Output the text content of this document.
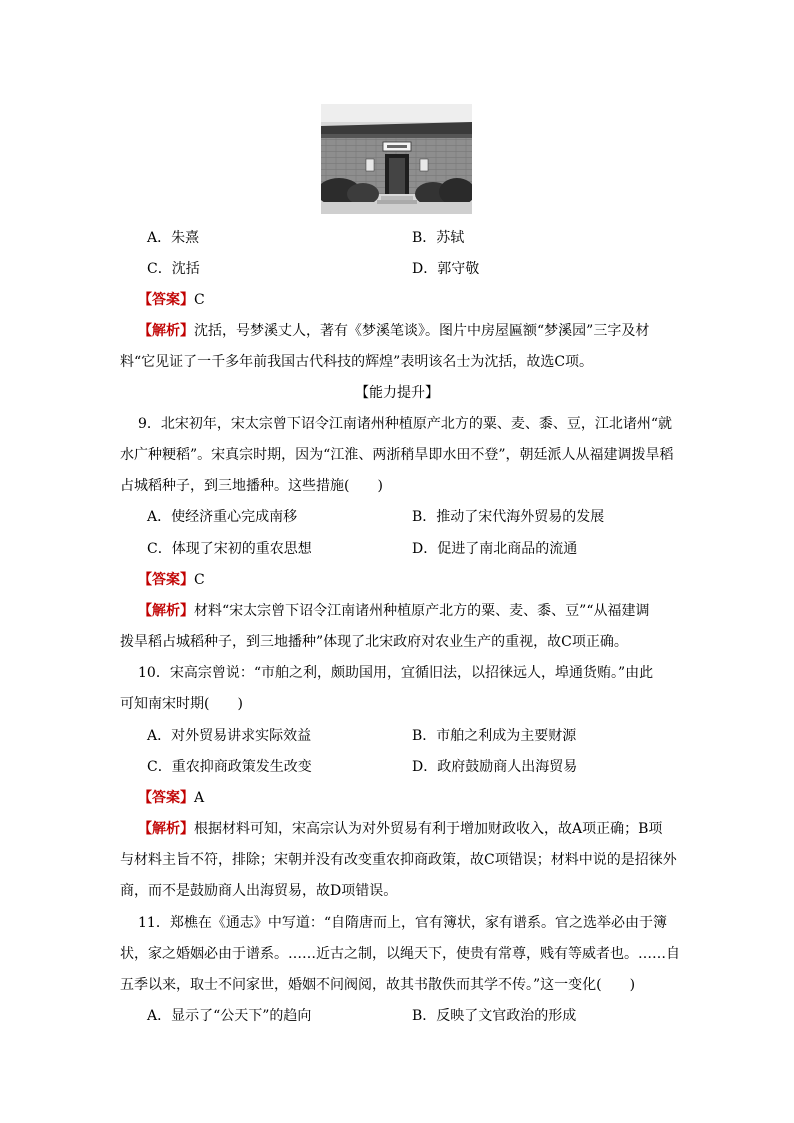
A．朱熹	B．苏轼
C．沈括	D．郭守敬
【答案】C
【解析】沈括，号梦溪丈人，著有《梦溪笔谈》。图片中房屋匾额“梦溪园”三字及材
料“它见证了一千多年前我国古代科技的辉煌”表明该名士为沈括，故选C项。
【能力提升】
9．北宋初年，宋太宗曾下诏令江南诸州种植原产北方的粟、麦、黍、豆，江北诸州“就
水广种粳稻”。宋真宗时期，因为“江淮、两浙稍旱即水田不登”，朝廷派人从福建调拨旱稻
占城稻种子，到三地播种。这些措施(　　)
A．使经济重心完成南移	B．推动了宋代海外贸易的发展
C．体现了宋初的重农思想	D．促进了南北商品的流通
【答案】C
【解析】材料“宋太宗曾下诏令江南诸州种植原产北方的粟、麦、黍、豆”“从福建调
拨旱稻占城稻种子，到三地播种”体现了北宋政府对农业生产的重视，故C项正确。
10．宋高宗曾说：“市舶之利，颇助国用，宜循旧法，以招徕远人，埠通货贿。”由此
可知南宋时期(　　)
A．对外贸易讲求实际效益	B．市舶之利成为主要财源
C．重农抑商政策发生改变	D．政府鼓励商人出海贸易
【答案】A
【解析】根据材料可知，宋高宗认为对外贸易有利于增加财政收入，故A项正确；B项
与材料主旨不符，排除；宋朝并没有改变重农抑商政策，故C项错误；材料中说的是招徕外
商，而不是鼓励商人出海贸易，故D项错误。
11．郑樵在《通志》中写道：“自隋唐而上，官有簿状，家有谱系。官之选举必由于簿
状，家之婚姻必由于谱系。……近古之制，以绳天下，使贵有常尊，贱有等威者也。……自
五季以来，取士不问家世，婚姻不问阀阅，故其书散佚而其学不传。”这一变化(　　)
A．显示了“公天下”的趋向	B．反映了文官政治的形成
